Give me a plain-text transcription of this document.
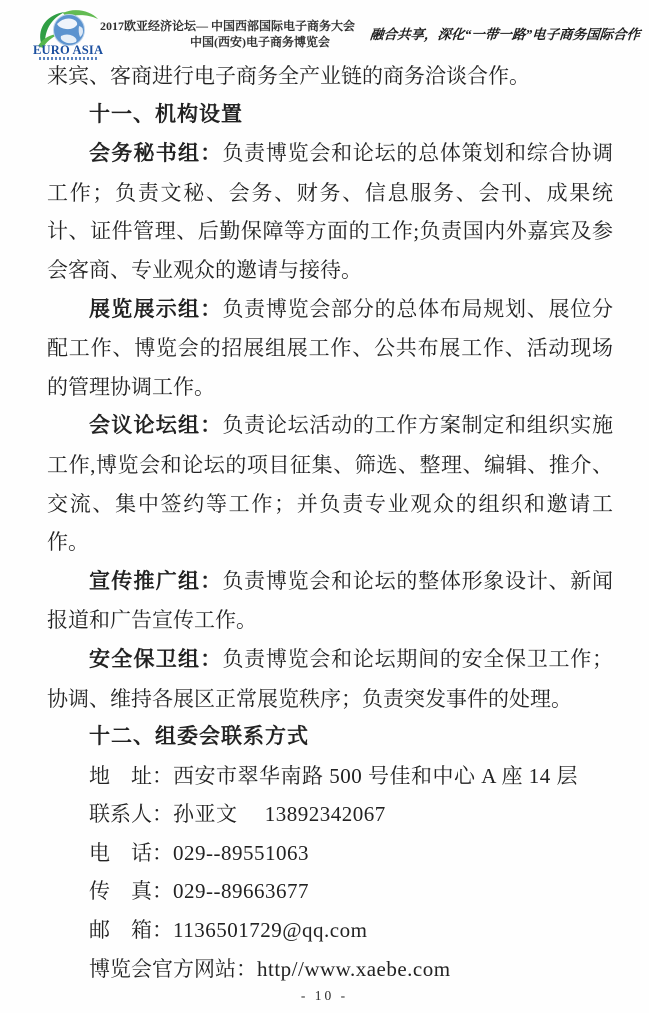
EURO ASIA
2017欧亚经济论坛— 中国西部国际电子商务大会
中国(西安)电子商务博览会	融合共享，深化“一带一路”电子商务国际合作

来宾、客商进行电子商务全产业链的商务洽谈合作。

十一、机构设置

会务秘书组：负责博览会和论坛的总体策划和综合协调工作；负责文秘、会务、财务、信息服务、会刊、成果统计、证件管理、后勤保障等方面的工作;负责国内外嘉宾及参会客商、专业观众的邀请与接待。

展览展示组：负责博览会部分的总体布局规划、展位分配工作、博览会的招展组展工作、公共布展工作、活动现场的管理协调工作。

会议论坛组：负责论坛活动的工作方案制定和组织实施工作,博览会和论坛的项目征集、筛选、整理、编辑、推介、交流、集中签约等工作；并负责专业观众的组织和邀请工作。

宣传推广组：负责博览会和论坛的整体形象设计、新闻报道和广告宣传工作。

安全保卫组：负责博览会和论坛期间的安全保卫工作；协调、维持各展区正常展览秩序；负责突发事件的处理。

十二、组委会联系方式
地　址：西安市翠华南路 500 号佳和中心 A 座 14 层
联系人：孙亚文　 13892342067
电　话：029--89551063
传　真：029--89663677
邮　箱：1136501729@qq.com
博览会官方网站：http//www.xaebe.com
- 10 -
